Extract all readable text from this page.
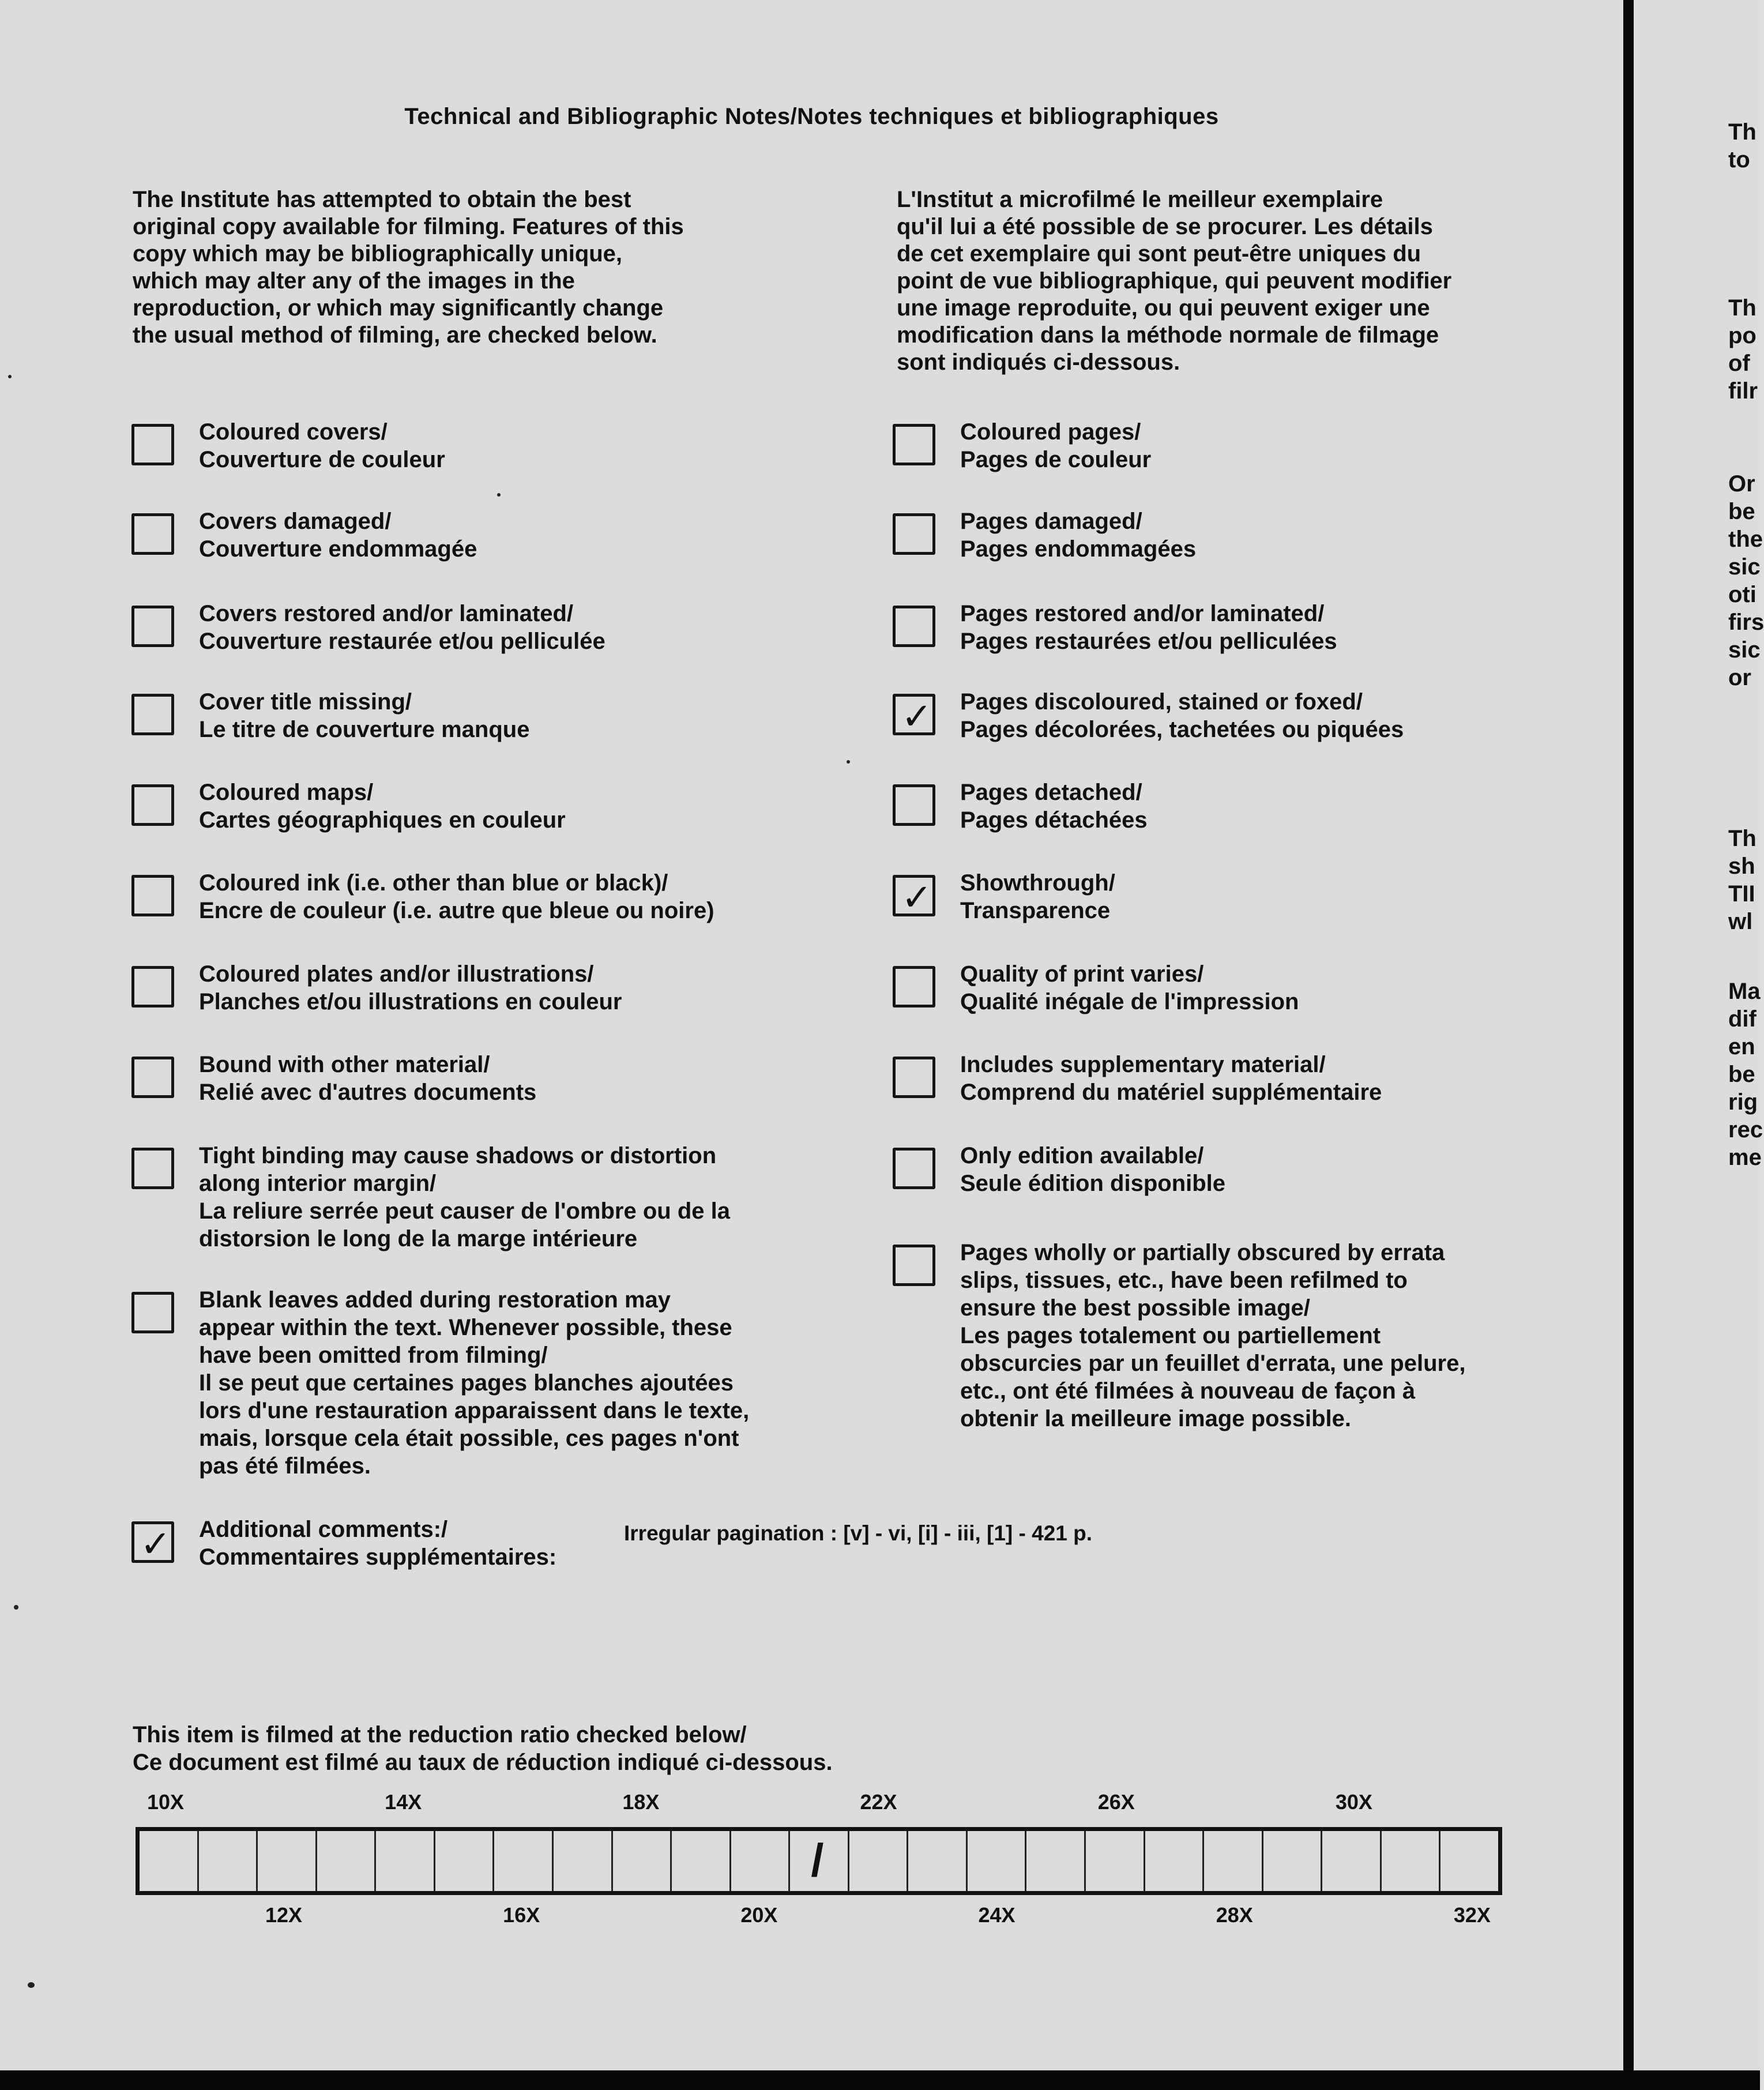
Technical and Bibliographic Notes/Notes techniques et bibliographiques
The Institute has attempted to obtain the best
original copy available for filming. Features of this
copy which may be bibliographically unique,
which may alter any of the images in the
reproduction, or which may significantly change
the usual method of filming, are checked below.
L'Institut a microfilmé le meilleur exemplaire
qu'il lui a été possible de se procurer. Les détails
de cet exemplaire qui sont peut-être uniques du
point de vue bibliographique, qui peuvent modifier
une image reproduite, ou qui peuvent exiger une
modification dans la méthode normale de filmage
sont indiqués ci-dessous.
Coloured covers/
Couverture de couleur
Covers damaged/
Couverture endommagée
Covers restored and/or laminated/
Couverture restaurée et/ou pelliculée
Cover title missing/
Le titre de couverture manque
Coloured maps/
Cartes géographiques en couleur
Coloured ink (i.e. other than blue or black)/
Encre de couleur (i.e. autre que bleue ou noire)
Coloured plates and/or illustrations/
Planches et/ou illustrations en couleur
Bound with other material/
Relié avec d'autres documents
Tight binding may cause shadows or distortion
along interior margin/
La reliure serrée peut causer de l'ombre ou de la
distorsion le long de la marge intérieure
Blank leaves added during restoration may
appear within the text. Whenever possible, these
have been omitted from filming/
Il se peut que certaines pages blanches ajoutées
lors d'une restauration apparaissent dans le texte,
mais, lorsque cela était possible, ces pages n'ont
pas été filmées.
✓ Additional comments:/
Commentaires supplémentaires:
Coloured pages/
Pages de couleur
Pages damaged/
Pages endommagées
Pages restored and/or laminated/
Pages restaurées et/ou pelliculées
✓ Pages discoloured, stained or foxed/
Pages décolorées, tachetées ou piquées
Pages detached/
Pages détachées
✓ Showthrough/
Transparence
Quality of print varies/
Qualité inégale de l'impression
Includes supplementary material/
Comprend du matériel supplémentaire
Only edition available/
Seule édition disponible
Pages wholly or partially obscured by errata
slips, tissues, etc., have been refilmed to
ensure the best possible image/
Les pages totalement ou partiellement
obscurcies par un feuillet d'errata, une pelure,
etc., ont été filmées à nouveau de façon à
obtenir la meilleure image possible.
Irregular pagination : [v] - vi, [i] - iii, [1] - 421 p.
This item is filmed at the reduction ratio checked below/
Ce document est filmé au taux de réduction indiqué ci-dessous.
10X	14X	18X	22X	26X	30X
12X	16X	20X	24X	28X	32X
/
Th
to
Th
po
of
filr
Or
be
the
sic
oti
firs
sic
or
Th
sh
TII
wl
Ma
dif
en
be
rig
rec
me
